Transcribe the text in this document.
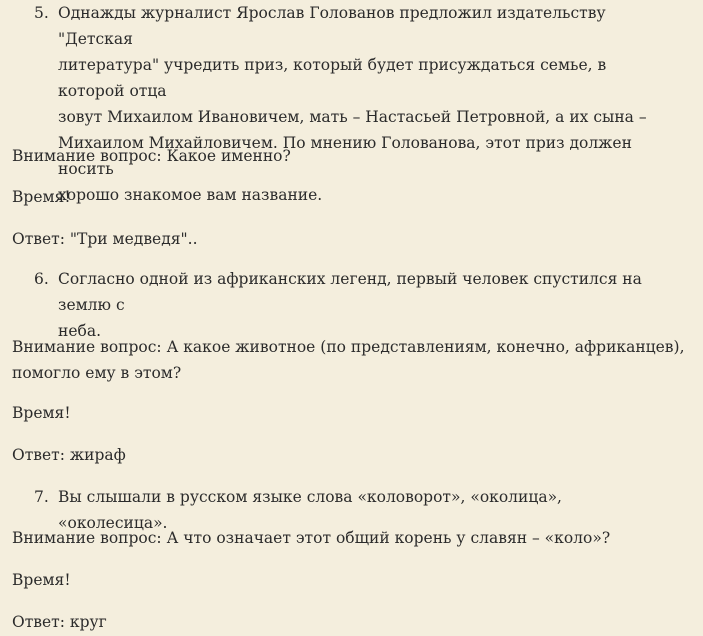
5. Однажды журналист Ярослав Голованов предложил издательству "Детская
литература" учредить приз, который будет присуждаться семье, в которой отца
зовут Михаилом Ивановичем, мать – Настасьей Петровной, а их сына –
Михаилом Михайловичем. По мнению Голованова, этот приз должен носить
хорошо знакомое вам название.
Внимание вопрос: Какое именно?
Время!
Ответ: "Три медведя"..
6. Согласно одной из африканских легенд, первый человек спустился на землю с
неба.
Внимание вопрос: А какое животное (по представлениям, конечно, африканцев),
помогло ему в этом?
Время!
Ответ: жираф
7. Вы слышали в русском языке слова «коловорот», «околица», «околесица».
Внимание вопрос: А что означает этот общий корень у славян – «коло»?
Время!
Ответ: круг
